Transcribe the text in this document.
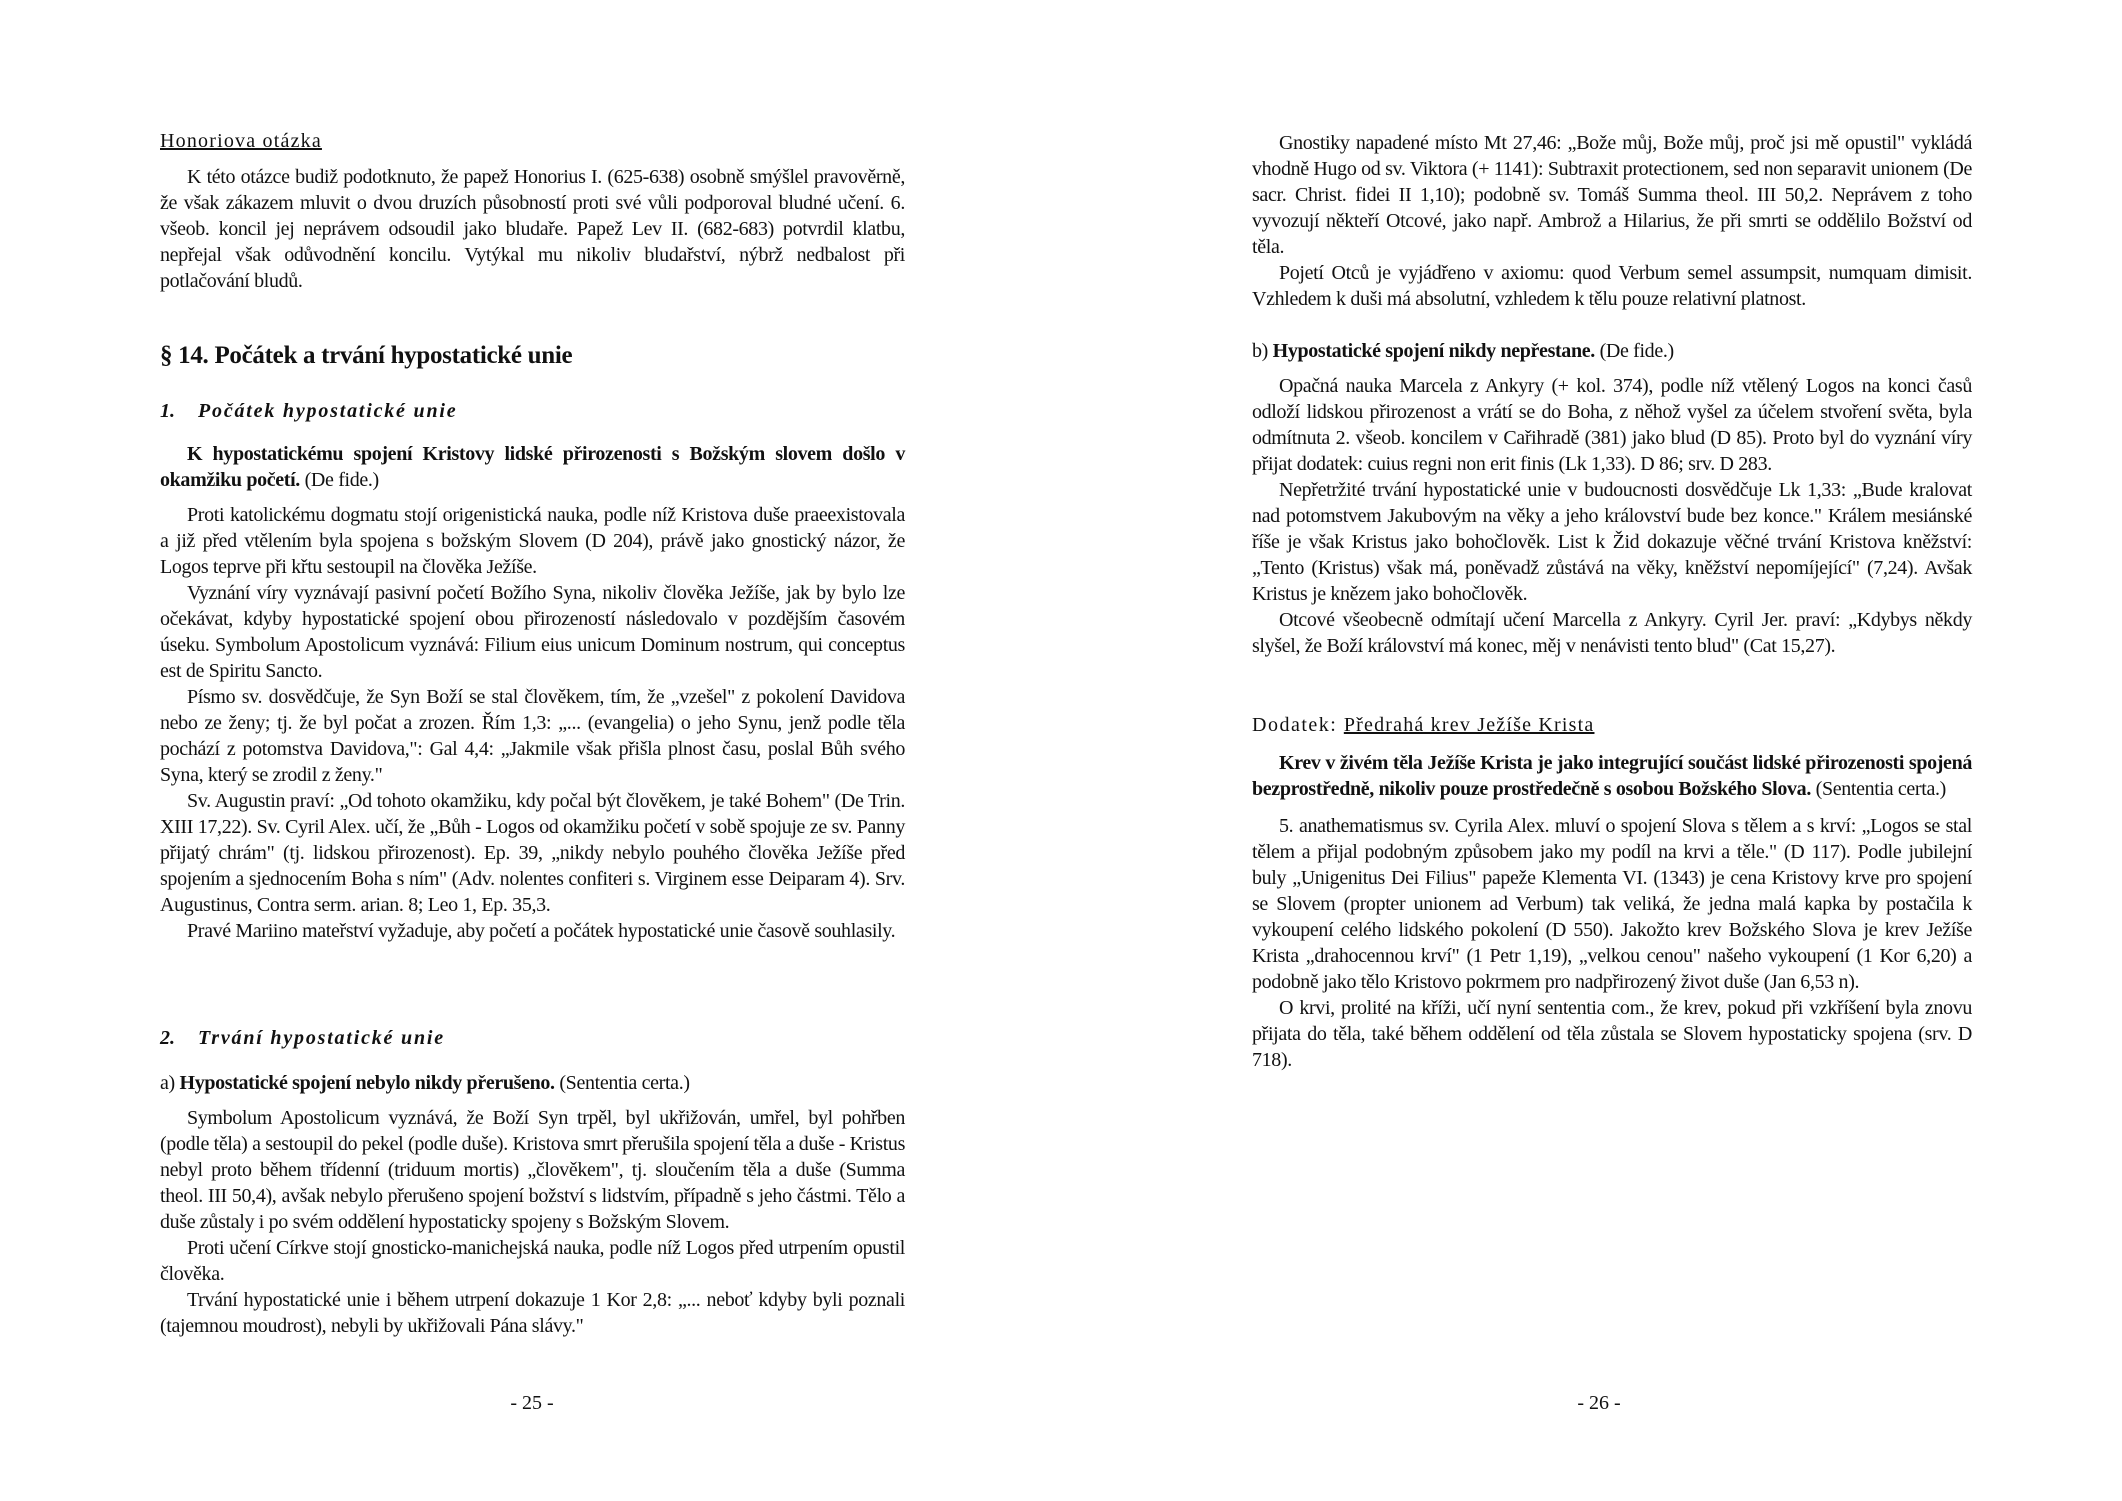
Honoriova otázka

K této otázce budiž podotknuto, že papež Honorius I. (625-638) osobně smýšlel pravověrně, že však zákazem mluvit o dvou druzích působností proti své vůli podporoval bludné učení. 6. všeob. koncil jej neprávem odsoudil jako bludaře. Papež Lev II. (682-683) potvrdil klatbu, nepřejal však odůvodnění koncilu. Vytýkal mu nikoliv bludařství, nýbrž nedbalost při potlačování bludů.

§ 14. Počátek a trvání hypostatické unie
1. Počátek hypostatické unie

K hypostatickému spojení Kristovy lidské přirozenosti s Božským slovem došlo v okamžiku početí. (De fide.)

Proti katolickému dogmatu stojí origenistická nauka, podle níž Kristova duše praeexistovala a již před vtělením byla spojena s božským Slovem (D 204), právě jako gnostický názor, že Logos teprve při křtu sestoupil na člověka Ježíše.

Vyznání víry vyznávají pasivní početí Božího Syna, nikoliv člověka Ježíše, jak by bylo lze očekávat, kdyby hypostatické spojení obou přirozeností následovalo v pozdějším časovém úseku. Symbolum Apostolicum vyznává: Filium eius unicum Dominum nostrum, qui conceptus est de Spiritu Sancto.

Písmo sv. dosvědčuje, že Syn Boží se stal člověkem, tím, že „vzešel" z pokolení Davidova nebo ze ženy; tj. že byl počat a zrozen. Řím 1,3: „... (evangelia) o jeho Synu, jenž podle těla pochází z potomstva Davidova,": Gal 4,4: „Jakmile však přišla plnost času, poslal Bůh svého Syna, který se zrodil z ženy."

Sv. Augustin praví: „Od tohoto okamžiku, kdy počal být člověkem, je také Bohem" (De Trin. XIII 17,22). Sv. Cyril Alex. učí, že „Bůh - Logos od okamžiku početí v sobě spojuje ze sv. Panny přijatý chrám" (tj. lidskou přirozenost). Ep. 39, „nikdy nebylo pouhého člověka Ježíše před spojením a sjednocením Boha s ním" (Adv. nolentes confiteri s. Virginem esse Deiparam 4). Srv. Augustinus, Contra serm. arian. 8; Leo 1, Ep. 35,3.

Pravé Mariino mateřství vyžaduje, aby početí a počátek hypostatické unie časově souhlasily.

2. Trvání hypostatické unie

a) Hypostatické spojení nebylo nikdy přerušeno. (Sententia certa.)

Symbolum Apostolicum vyznává, že Boží Syn trpěl, byl ukřižován, umřel, byl pohřben (podle těla) a sestoupil do pekel (podle duše). Kristova smrt přerušila spojení těla a duše - Kristus nebyl proto během třídenní (triduum mortis) „člověkem", tj. sloučením těla a duše (Summa theol. III 50,4), avšak nebylo přerušeno spojení božství s lidstvím, případně s jeho částmi. Tělo a duše zůstaly i po svém oddělení hypostaticky spojeny s Božským Slovem.

Proti učení Církve stojí gnosticko-manichejská nauka, podle níž Logos před utrpením opustil člověka.

Trvání hypostatické unie i během utrpení dokazuje 1 Kor 2,8: „... neboť kdyby byli poznali (tajemnou moudrost), nebyli by ukřižovali Pána slávy."

- 25 -

Gnostiky napadené místo Mt 27,46: „Bože můj, Bože můj, proč jsi mě opustil" vykládá vhodně Hugo od sv. Viktora (+ 1141): Subtraxit protectionem, sed non separavit unionem (De sacr. Christ. fidei II 1,10); podobně sv. Tomáš Summa theol. III 50,2. Neprávem z toho vyvozují někteří Otcové, jako např. Ambrož a Hilarius, že při smrti se oddělilo Božství od těla.

Pojetí Otců je vyjádřeno v axiomu: quod Verbum semel assumpsit, numquam dimisit. Vzhledem k duši má absolutní, vzhledem k tělu pouze relativní platnost.

b) Hypostatické spojení nikdy nepřestane. (De fide.)

Opačná nauka Marcela z Ankyry (+ kol. 374), podle níž vtělený Logos na konci časů odloží lidskou přirozenost a vrátí se do Boha, z něhož vyšel za účelem stvoření světa, byla odmítnuta 2. všeob. koncilem v Cařihradě (381) jako blud (D 85). Proto byl do vyznání víry přijat dodatek: cuius regni non erit finis (Lk 1,33). D 86; srv. D 283.

Nepřetržité trvání hypostatické unie v budoucnosti dosvědčuje Lk 1,33: „Bude kralovat nad potomstvem Jakubovým na věky a jeho království bude bez konce." Králem mesiánské říše je však Kristus jako bohočlověk. List k Žid dokazuje věčné trvání Kristova kněžství: „Tento (Kristus) však má, poněvadž zůstává na věky, kněžství nepomíjející" (7,24). Avšak Kristus je knězem jako bohočlověk.

Otcové všeobecně odmítají učení Marcella z Ankyry. Cyril Jer. praví: „Kdybys někdy slyšel, že Boží království má konec, měj v nenávisti tento blud" (Cat 15,27).

Dodatek: Předrahá krev Ježíše Krista

Krev v živém těla Ježíše Krista je jako integrující součást lidské přirozenosti spojená bezprostředně, nikoliv pouze prostředečně s osobou Božského Slova. (Sententia certa.)

5. anathematismus sv. Cyrila Alex. mluví o spojení Slova s tělem a s krví: „Logos se stal tělem a přijal podobným způsobem jako my podíl na krvi a těle." (D 117). Podle jubilejní buly „Unigenitus Dei Filius" papeže Klementa VI. (1343) je cena Kristovy krve pro spojení se Slovem (propter unionem ad Verbum) tak veliká, že jedna malá kapka by postačila k vykoupení celého lidského pokolení (D 550). Jakožto krev Božského Slova je krev Ježíše Krista „drahocennou krví" (1 Petr 1,19), „velkou cenou" našeho vykoupení (1 Kor 6,20) a podobně jako tělo Kristovo pokrmem pro nadpřirozený život duše (Jan 6,53 n).

O krvi, prolité na kříži, učí nyní sententia com., že krev, pokud při vzkříšení byla znovu přijata do těla, také během oddělení od těla zůstala se Slovem hypostaticky spojena (srv. D 718).

- 26 -
